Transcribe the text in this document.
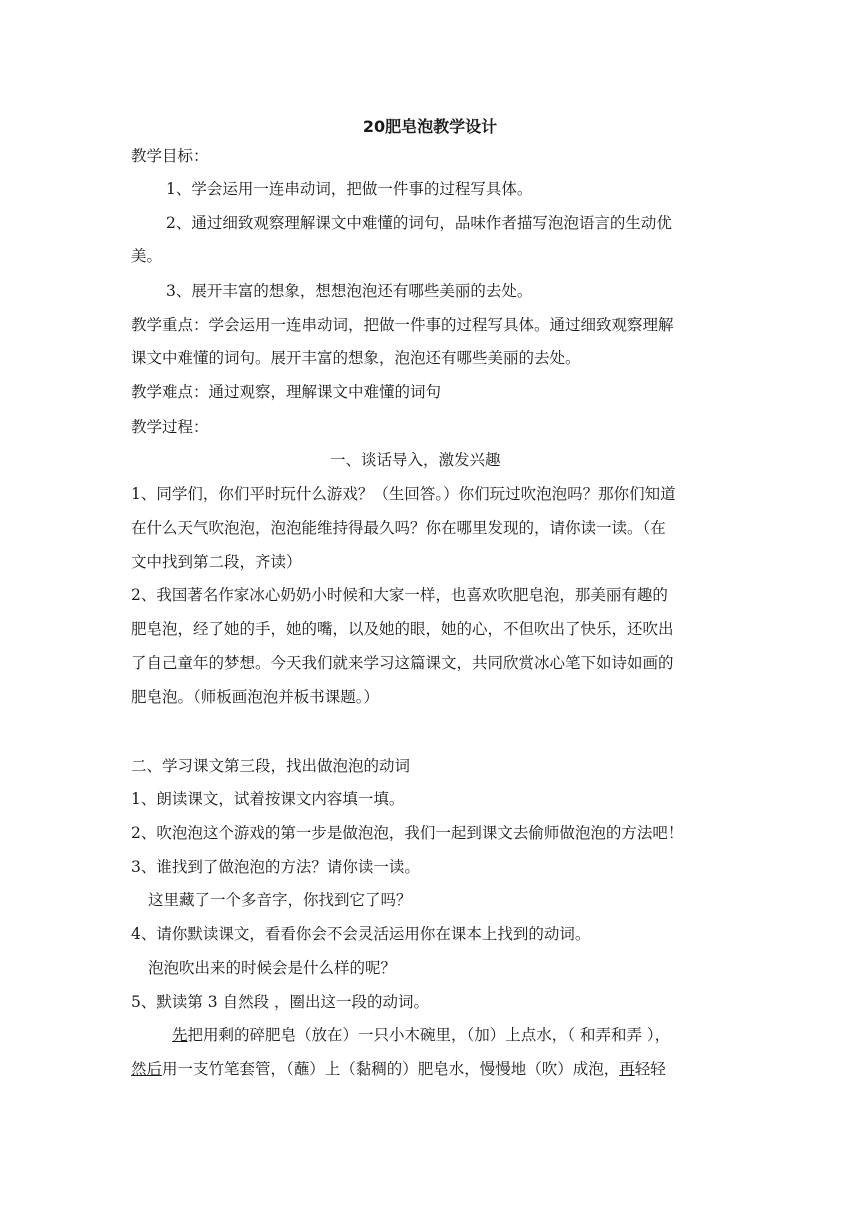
20肥皂泡教学设计
教学目标：
1、学会运用一连串动词，把做一件事的过程写具体。
2、通过细致观察理解课文中难懂的词句，品味作者描写泡泡语言的生动优
美。
3、展开丰富的想象，想想泡泡还有哪些美丽的去处。
教学重点：学会运用一连串动词，把做一件事的过程写具体。通过细致观察理解
课文中难懂的词句。展开丰富的想象，泡泡还有哪些美丽的去处。
教学难点：通过观察，理解课文中难懂的词句
教学过程：
一、谈话导入，激发兴趣
1、同学们，你们平时玩什么游戏？（生回答。）你们玩过吹泡泡吗？那你们知道
在什么天气吹泡泡，泡泡能维持得最久吗？你在哪里发现的，请你读一读。（在
文中找到第二段，齐读）
2、我国著名作家冰心奶奶小时候和大家一样，也喜欢吹肥皂泡，那美丽有趣的
肥皂泡，经了她的手，她的嘴，以及她的眼，她的心，不但吹出了快乐，还吹出
了自己童年的梦想。今天我们就来学习这篇课文，共同欣赏冰心笔下如诗如画的
肥皂泡。（师板画泡泡并板书课题。）
二、学习课文第三段，找出做泡泡的动词
1、朗读课文，试着按课文内容填一填。
2、吹泡泡这个游戏的第一步是做泡泡，我们一起到课文去偷师做泡泡的方法吧！
3、谁找到了做泡泡的方法？请你读一读。
这里藏了一个多音字，你找到它了吗？
4、请你默读课文，看看你会不会灵活运用你在课本上找到的动词。
泡泡吹出来的时候会是什么样的呢？
5、默读第 3 自然段 ，圈出这一段的动词。
先把用剩的碎肥皂（放在）一只小木碗里，（加）上点水，（ 和弄和弄 ），
然后用一支竹笔套管，（蘸）上（黏稠的）肥皂水，慢慢地（吹）成泡，再轻轻
